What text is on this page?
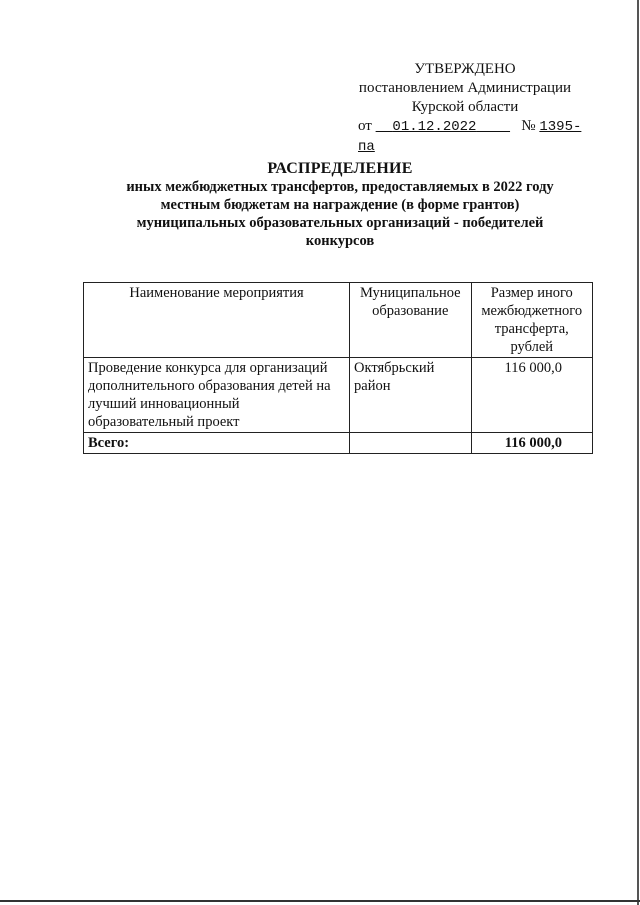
УТВЕРЖДЕНО
постановлением Администрации
Курской области
от 01.12.2022	№ 1395-па
РАСПРЕДЕЛЕНИЕ
иных межбюджетных трансфертов, предоставляемых в 2022 году
местным бюджетам на награждение (в форме грантов)
муниципальных образовательных организаций - победителей
конкурсов
Наименование мероприятия	Муниципальное образование	Размер иного межбюджетного трансферта, рублей
Проведение конкурса для организаций дополнительного образования детей на лучший инновационный образовательный проект	Октябрьский район	116 000,0
Всего:		116 000,0
